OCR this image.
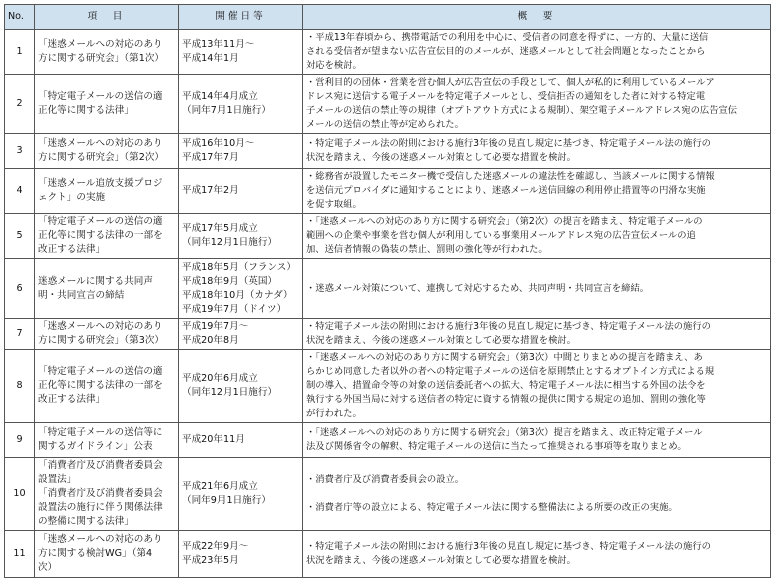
No.	項　目	開催日等	概　要
1	「迷惑メールへの対応のあり
方に関する研究会」（第1次）	平成13年11月〜
平成14年1月	・平成13年春頃から、携帯電話での利用を中心に、受信者の同意を得ずに、一方的、大量に送信
される受信者が望まない広告宣伝目的のメールが、迷惑メールとして社会問題となったことから
対応を検討。

2	「特定電子メールの送信の適
正化等に関する法律」	平成14年4月成立
（同年7月1日施行）	・営利目的の団体・営業を営む個人が広告宣伝の手段として、個人が私的に利用しているメールア
ドレス宛に送信する電子メールを特定電子メールとし、受信拒否の通知をした者に対する特定電
子メールの送信の禁止等の規律（オプトアウト方式による規制）、架空電子メールアドレス宛の広告宣伝
メールの送信の禁止等が定められた。

3	「迷惑メールへの対応のあり
方に関する研究会」（第2次）	平成16年10月〜
平成17年7月	・特定電子メール法の附則における施行3年後の見直し規定に基づき、特定電子メール法の施行の
状況を踏まえ、今後の迷惑メール対策として必要な措置を検討。

4	「迷惑メール追放支援プロジ
ェクト」の実施	平成17年2月	・総務省が設置したモニター機で受信した迷惑メールの違法性を確認し、当該メールに関する情報
を送信元プロバイダに通知することにより、迷惑メール送信回線の利用停止措置等の円滑な実施
を促す取組。

5	「特定電子メールの送信の適
正化等に関する法律の一部を
改正する法律」	平成17年5月成立
（同年12月1日施行）	・「迷惑メールへの対応のあり方に関する研究会」（第2次）の提言を踏まえ、特定電子メールの
範囲への企業や事業を営む個人が利用している事業用メールアドレス宛の広告宣伝メールの追
加、送信者情報の偽装の禁止、罰則の強化等が行われた。

6	迷惑メールに関する共同声
明・共同宣言の締結	平成18年5月（フランス）
平成18年9月（英国）
平成18年10月（カナダ）
平成19年7月（ドイツ）	・迷惑メール対策について、連携して対応するため、共同声明・共同宣言を締結。

7	「迷惑メールへの対応のあり
方に関する研究会」（第3次）	平成19年7月〜
平成20年8月	・特定電子メール法の附則における施行3年後の見直し規定に基づき、特定電子メール法の施行の
状況を踏まえ、今後の迷惑メール対策として必要な措置を検討。

8	「特定電子メールの送信の適
正化等に関する法律の一部を
改正する法律」	平成20年6月成立
（同年12月1日施行）	・「迷惑メールへの対応のあり方に関する研究会」（第3次）中間とりまとめの提言を踏まえ、あ
らかじめ同意した者以外の者への特定電子メールの送信を原則禁止とするオプトイン方式による規
制の導入、措置命令等の対象の送信委託者への拡大、特定電子メール法に相当する外国の法令を
執行する外国当局に対する送信者の特定に資する情報の提供に関する規定の追加、罰則の強化等
が行われた。

9	「特定電子メールの送信等に
関するガイドライン」公表	平成20年11月	・「迷惑メールへの対応のあり方に関する研究会」（第3次）提言を踏まえ、改正特定電子メール
法及び関係省令の解釈、特定電子メールの送信に当たって推奨される事項等を取りまとめ。

10	「消費者庁及び消費者委員会
設置法」
「消費者庁及び消費者委員会
設置法の施行に伴う関係法律
の整備に関する法律」	平成21年6月成立
（同年9月1日施行）	・消費者庁及び消費者委員会の設立。

・消費者庁等の設立による、特定電子メール法に関する整備法による所要の改正の実施。

11	「迷惑メールへの対応のあり
方に関する検討WG」（第4
次）	平成22年9月〜
平成23年5月	・特定電子メール法の附則における施行3年後の見直し規定に基づき、特定電子メール法の施行の
状況を踏まえ、今後の迷惑メール対策として必要な措置を検討。
